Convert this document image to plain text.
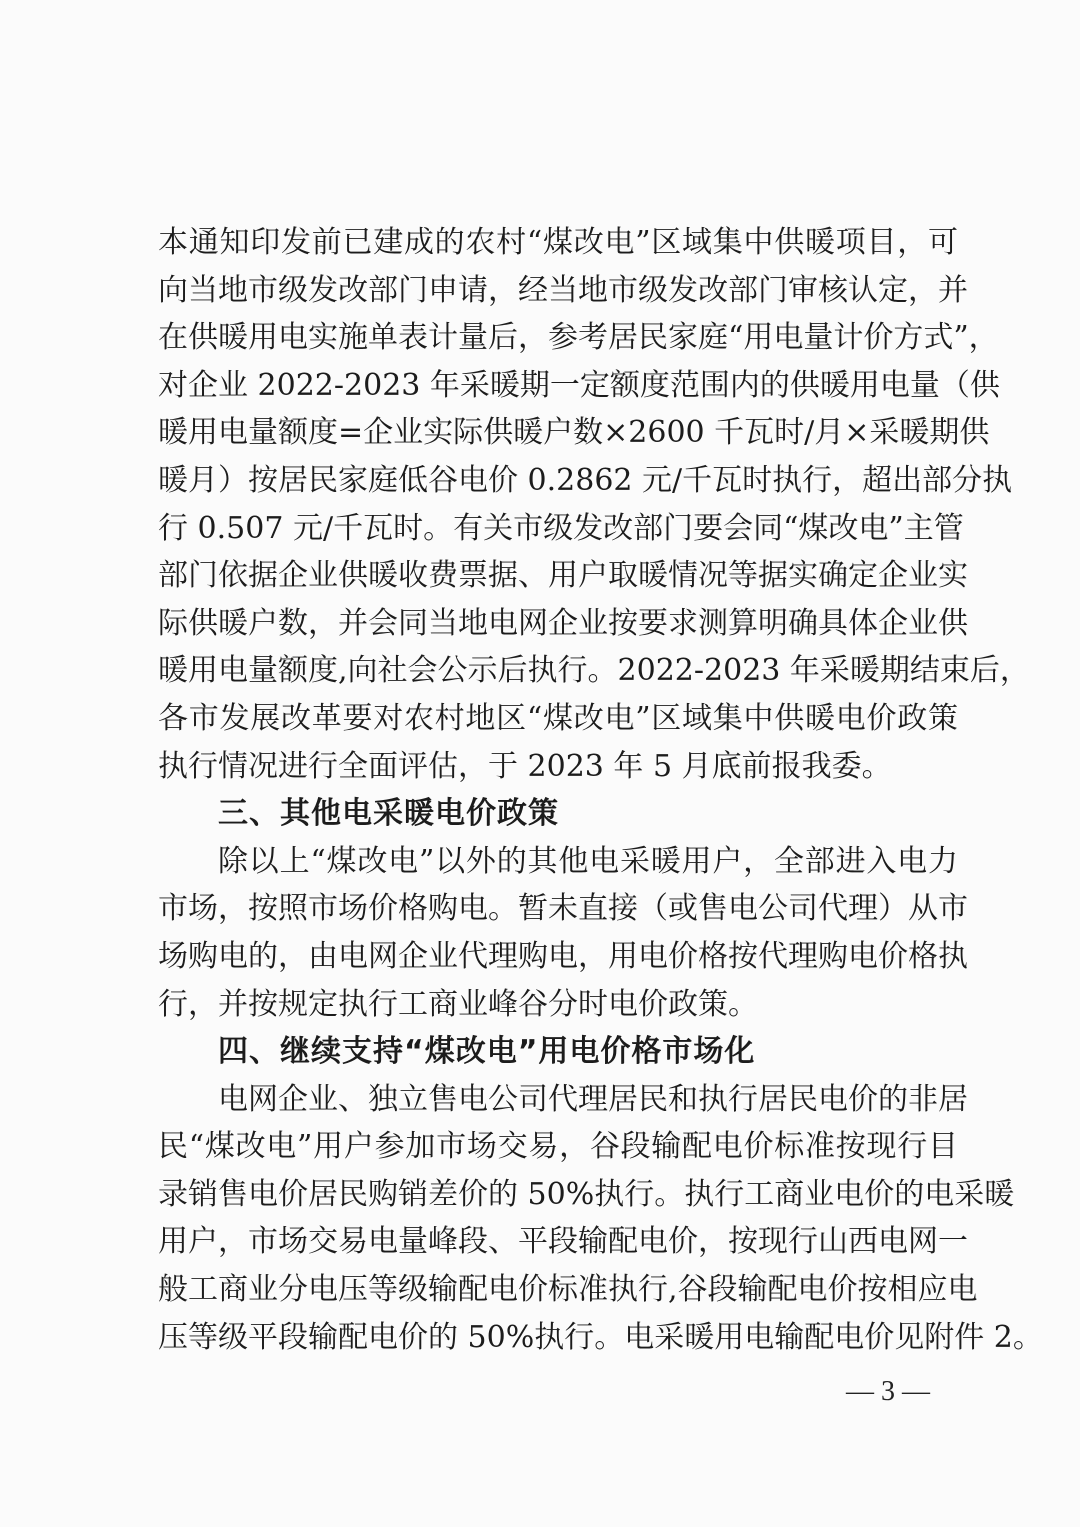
本通知印发前已建成的农村“煤改电”区域集中供暖项目，可
向当地市级发改部门申请，经当地市级发改部门审核认定，并
在供暖用电实施单表计量后，参考居民家庭“用电量计价方式”，
对企业 2022-2023 年采暖期一定额度范围内的供暖用电量（供
暖用电量额度=企业实际供暖户数×2600 千瓦时/月×采暖期供
暖月）按居民家庭低谷电价 0.2862 元/千瓦时执行，超出部分执
行 0.507 元/千瓦时。有关市级发改部门要会同“煤改电”主管
部门依据企业供暖收费票据、用户取暖情况等据实确定企业实
际供暖户数，并会同当地电网企业按要求测算明确具体企业供
暖用电量额度,向社会公示后执行。2022-2023 年采暖期结束后，
各市发展改革要对农村地区“煤改电”区域集中供暖电价政策
执行情况进行全面评估，于 2023 年 5 月底前报我委。
三、其他电采暖电价政策
除以上“煤改电”以外的其他电采暖用户，全部进入电力
市场，按照市场价格购电。暂未直接（或售电公司代理）从市
场购电的，由电网企业代理购电，用电价格按代理购电价格执
行，并按规定执行工商业峰谷分时电价政策。
四、继续支持“煤改电”用电价格市场化
电网企业、独立售电公司代理居民和执行居民电价的非居
民“煤改电”用户参加市场交易，谷段输配电价标准按现行目
录销售电价居民购销差价的 50%执行。执行工商业电价的电采暖
用户，市场交易电量峰段、平段输配电价，按现行山西电网一
般工商业分电压等级输配电价标准执行,谷段输配电价按相应电
压等级平段输配电价的 50%执行。电采暖用电输配电价见附件 2。
— 3 —
